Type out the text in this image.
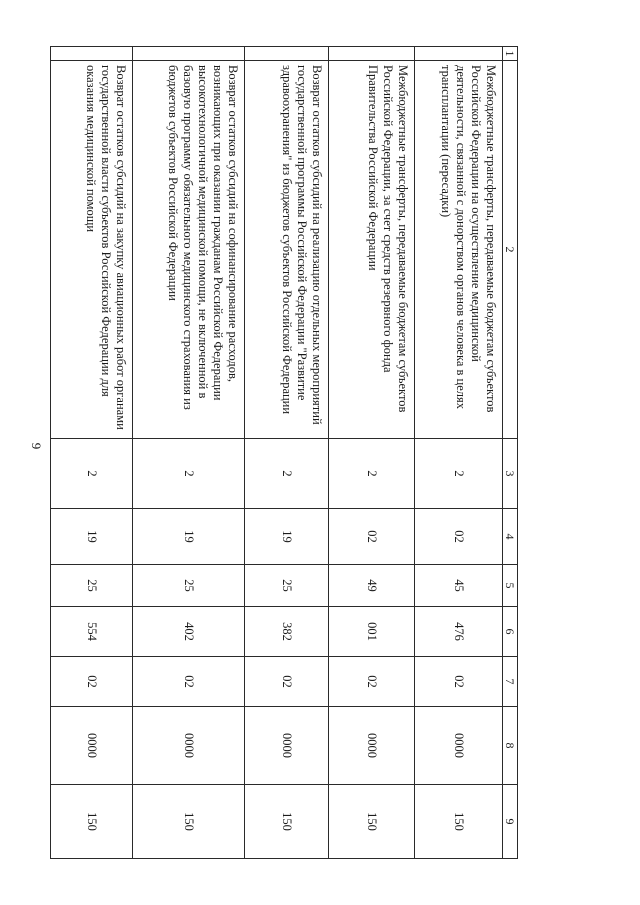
9
1	2	3	4	5	6	7	8	9
	Межбюджетные трансферты, передаваемые бюджетам субъектов Российской Федерации на осуществление медицинской деятельности, связанной с донорством органов человека в целях трансплантации (пересадки)	2	02	45	476	02	0000	150
	Межбюджетные трансферты, передаваемые бюджетам субъектов Российской Федерации, за счет средств резервного фонда Правительства Российской Федерации	2	02	49	001	02	0000	150
	Возврат остатков субсидий на реализацию отдельных мероприятий государственной программы Российской Федерации "Развитие здравоохранения" из бюджетов субъектов Российской Федерации	2	19	25	382	02	0000	150
	Возврат остатков субсидий на софинансирование расходов, возникающих при оказании гражданам Российской Федерации высокотехнологичной медицинской помощи, не включенной в базовую программу обязательного медицинского страхования из бюджетов субъектов Российской Федерации	2	19	25	402	02	0000	150
	Возврат остатков субсидий на закупку авиационных работ органами государственной власти субъектов Российской Федерации для оказания медицинской помощи	2	19	25	554	02	0000	150
